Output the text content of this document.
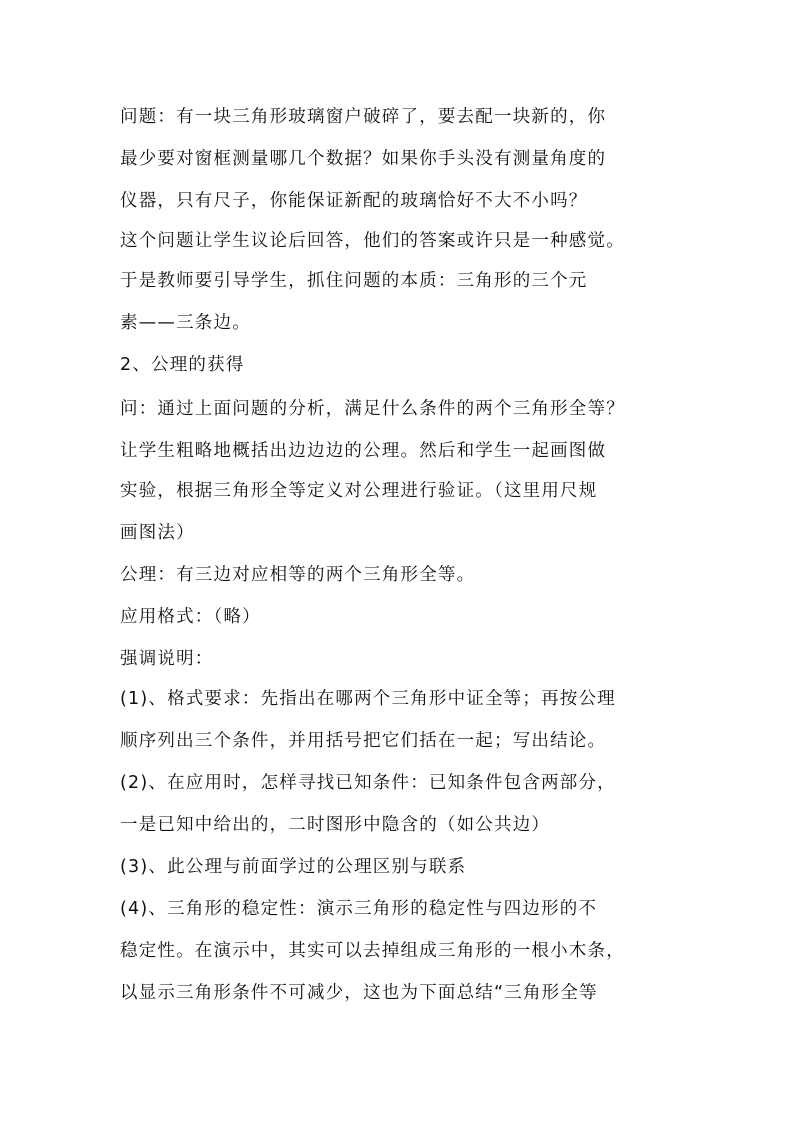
问题：有一块三角形玻璃窗户破碎了，要去配一块新的，你
最少要对窗框测量哪几个数据？如果你手头没有测量角度的
仪器，只有尺子，你能保证新配的玻璃恰好不大不小吗？
这个问题让学生议论后回答，他们的答案或许只是一种感觉。
于是教师要引导学生，抓住问题的本质：三角形的三个元
素——三条边。
2、公理的获得
问：通过上面问题的分析，满足什么条件的两个三角形全等？
让学生粗略地概括出边边边的公理。然后和学生一起画图做
实验，根据三角形全等定义对公理进行验证。（这里用尺规
画图法）
公理：有三边对应相等的两个三角形全等。
应用格式：（略）
强调说明：
(1)、格式要求：先指出在哪两个三角形中证全等；再按公理
顺序列出三个条件，并用括号把它们括在一起；写出结论。
(2)、在应用时，怎样寻找已知条件：已知条件包含两部分，
一是已知中给出的，二时图形中隐含的（如公共边）
(3)、此公理与前面学过的公理区别与联系
(4)、三角形的稳定性：演示三角形的稳定性与四边形的不
稳定性。在演示中，其实可以去掉组成三角形的一根小木条，
以显示三角形条件不可减少，这也为下面总结“三角形全等
